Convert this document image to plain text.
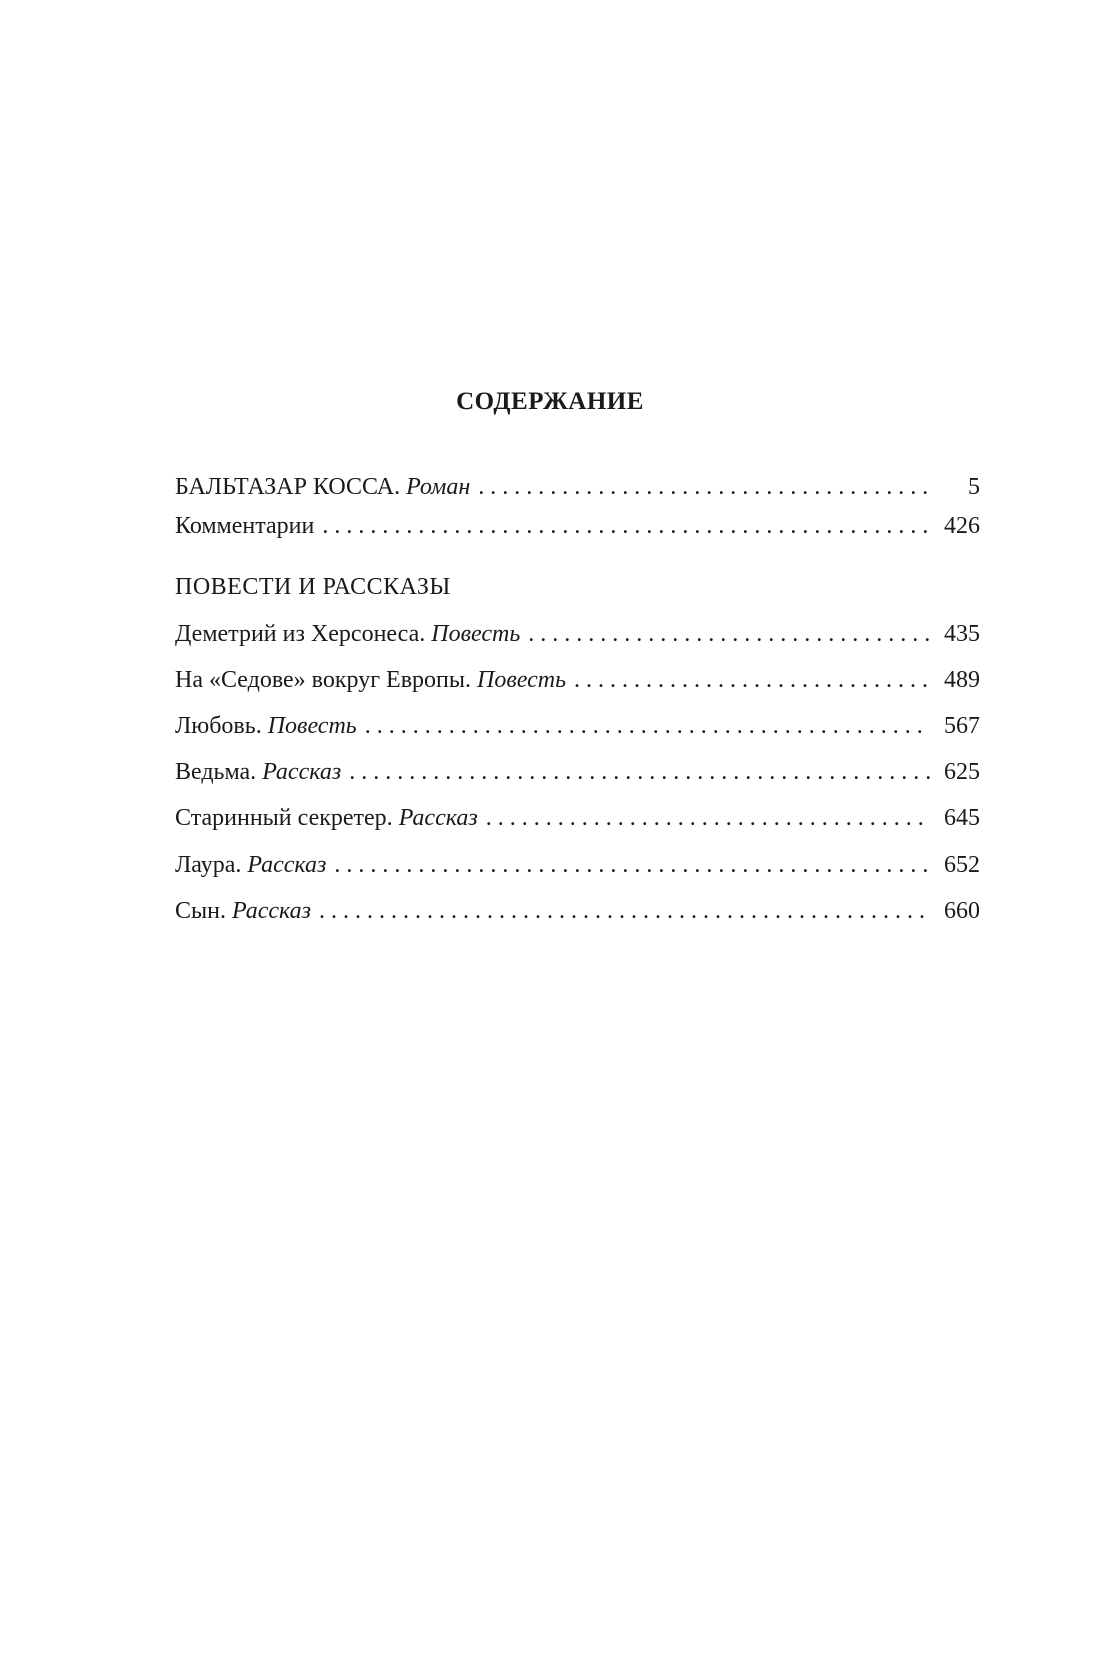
СОДЕРЖАНИЕ
БАЛЬТАЗАР КОССА. Роман . . .	5
Комментарии . . .	426
ПОВЕСТИ И РАССКАЗЫ
Деметрий из Херсонеса. Повесть . . .	435
На «Седове» вокруг Европы. Повесть . . .	489
Любовь. Повесть . . .	567
Ведьма. Рассказ . . .	625
Старинный секретер. Рассказ . . .	645
Лаура. Рассказ . . .	652
Сын. Рассказ . . .	660
